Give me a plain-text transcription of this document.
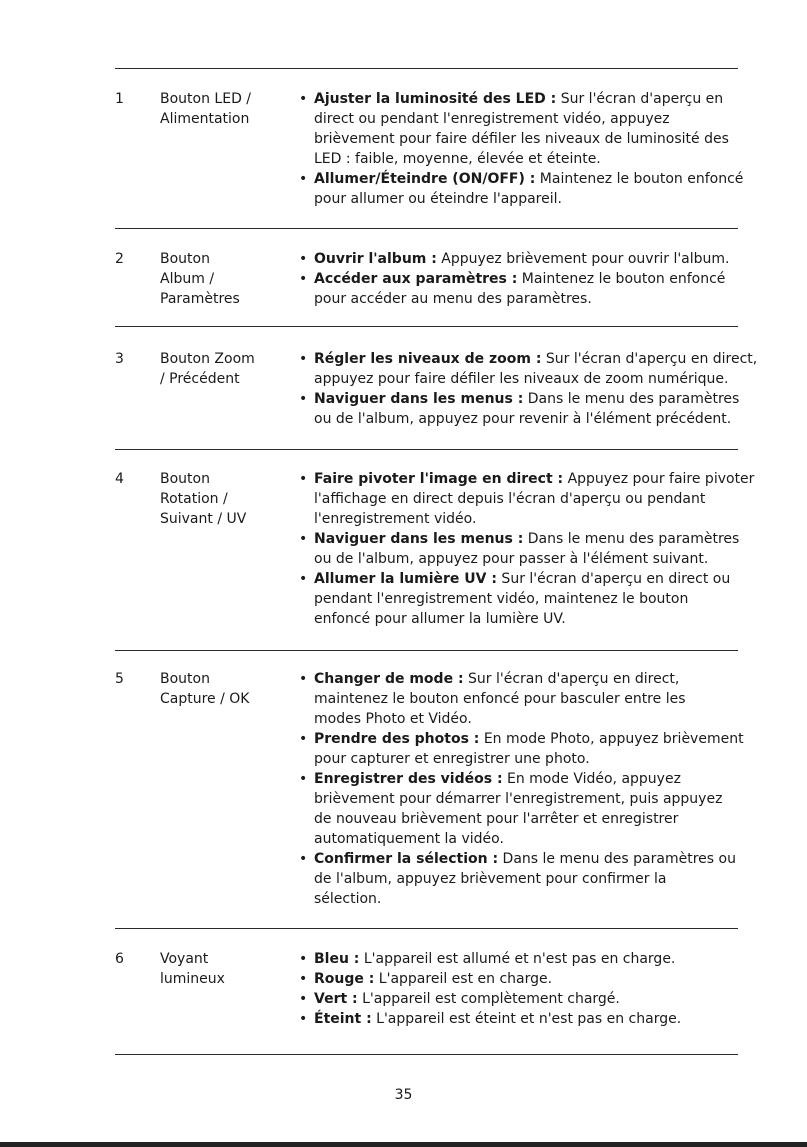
1	Bouton LED /
Alimentation
• Ajuster la luminosité des LED : Sur l'écran d'aperçu en
direct ou pendant l'enregistrement vidéo, appuyez
brièvement pour faire défiler les niveaux de luminosité des
LED : faible, moyenne, élevée et éteinte.
• Allumer/Éteindre (ON/OFF) : Maintenez le bouton enfoncé
pour allumer ou éteindre l'appareil.
2	Bouton
Album /
Paramètres
• Ouvrir l'album : Appuyez brièvement pour ouvrir l'album.
• Accéder aux paramètres : Maintenez le bouton enfoncé
pour accéder au menu des paramètres.
3	Bouton Zoom
/ Précédent
• Régler les niveaux de zoom : Sur l'écran d'aperçu en direct,
appuyez pour faire défiler les niveaux de zoom numérique.
• Naviguer dans les menus : Dans le menu des paramètres
ou de l'album, appuyez pour revenir à l'élément précédent.
4	Bouton
Rotation /
Suivant / UV
• Faire pivoter l'image en direct : Appuyez pour faire pivoter
l'affichage en direct depuis l'écran d'aperçu ou pendant
l'enregistrement vidéo.
• Naviguer dans les menus : Dans le menu des paramètres
ou de l'album, appuyez pour passer à l'élément suivant.
• Allumer la lumière UV : Sur l'écran d'aperçu en direct ou
pendant l'enregistrement vidéo, maintenez le bouton
enfoncé pour allumer la lumière UV.
5	Bouton
Capture / OK
• Changer de mode : Sur l'écran d'aperçu en direct,
maintenez le bouton enfoncé pour basculer entre les
modes Photo et Vidéo.
• Prendre des photos : En mode Photo, appuyez brièvement
pour capturer et enregistrer une photo.
• Enregistrer des vidéos : En mode Vidéo, appuyez
brièvement pour démarrer l'enregistrement, puis appuyez
de nouveau brièvement pour l'arrêter et enregistrer
automatiquement la vidéo.
• Confirmer la sélection : Dans le menu des paramètres ou
de l'album, appuyez brièvement pour confirmer la
sélection.
6	Voyant
lumineux
• Bleu : L'appareil est allumé et n'est pas en charge.
• Rouge : L'appareil est en charge.
• Vert : L'appareil est complètement chargé.
• Éteint : L'appareil est éteint et n'est pas en charge.
35
